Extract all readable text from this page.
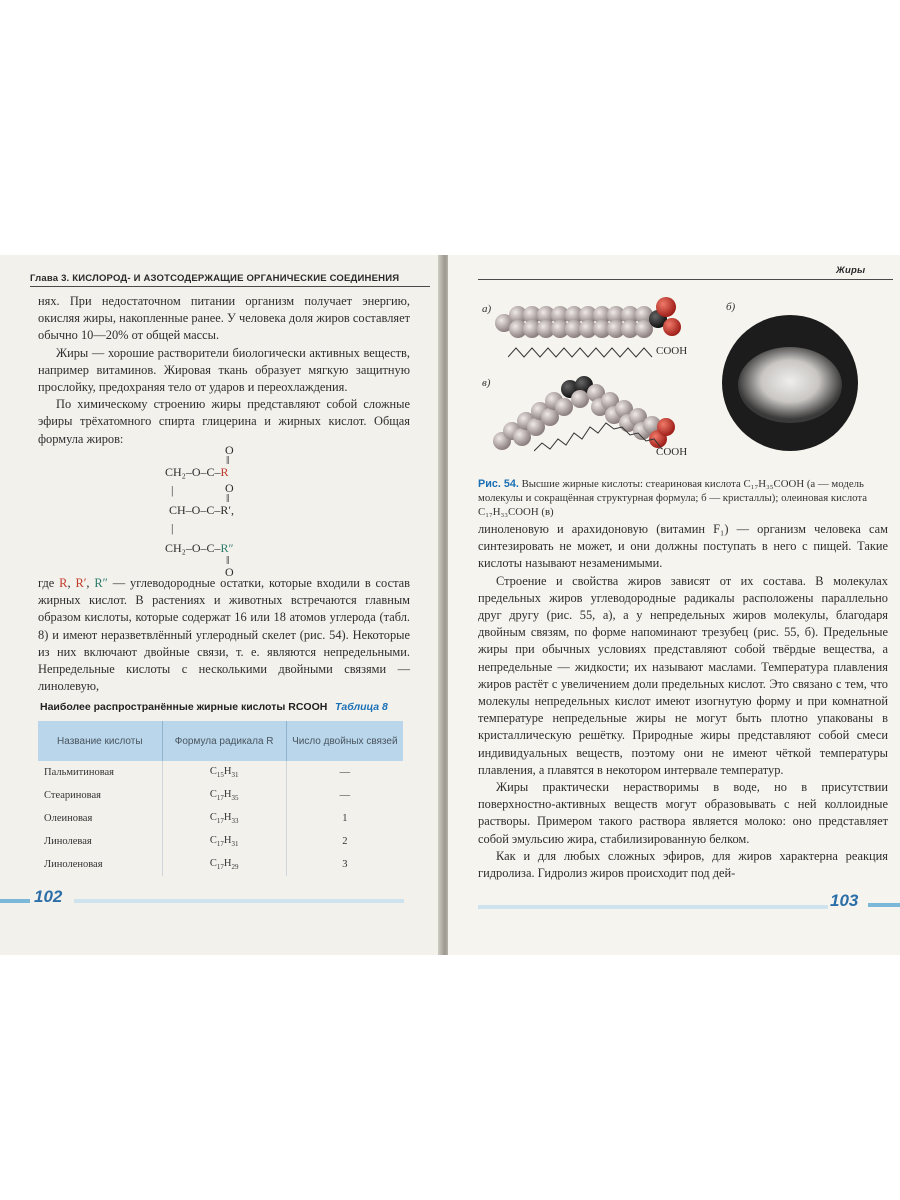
Глава 3. КИСЛОРОД- И АЗОТСОДЕРЖАЩИЕ ОРГАНИЧЕСКИЕ СОЕДИНЕНИЯ

нях. При недостаточном питании организм получает энергию, окисляя жиры, накопленные ранее. У человека доля жиров составляет обычно 10—20% от общей массы.

Жиры — хорошие растворители биологически активных веществ, например витаминов. Жировая ткань образует мягкую защитную прослойку, предохраняя тело от ударов и переохлаждения.

По химическому строению жиры представляют собой сложные эфиры трёхатомного спирта глицерина и жирных кислот. Общая формула жиров:

O
‖
CH₂–O–C–R
|	O
‖
CH–O–C–R′,
|
CH₂–O–C–R″
‖
O

где R, R′, R″ — углеводородные остатки, которые входили в состав жирных кислот. В растениях и животных встречаются главным образом кислоты, которые содержат 16 или 18 атомов углерода (табл. 8) и имеют неразветвлённый углеродный скелет (рис. 54). Некоторые из них включают двойные связи, т. е. являются непредельными. Непредельные кислоты с несколькими двойными связями — линолевую,

Наиболее распространённые жирные кислоты RCOOH Таблица 8
Название кислоты	Формула радикала R	Число двойных связей
Пальмитиновая	$C_{15}H_{31}$	—
Стеариновая	$C_{17}H_{35}$	—
Олеиновая	$C_{17}H_{33}$	1
Линолевая	$C_{17}H_{31}$	2
Линоленовая	$C_{17}H_{29}$	3
102
Жиры
а)
COOH
б)
в)
COOH
Рис. 54. Высшие жирные кислоты: стеариновая кислота C₁₇H₃₅COOH (а — модель молекулы и сокращённая структурная формула; б — кристаллы); олеиновая кислота C₁₇H₃₃COOH (в)

линоленовую и арахидоновую (витамин F₁) — организм человека сам синтезировать не может, и они должны поступать в него с пищей. Такие кислоты называют незаменимыми.

Строение и свойства жиров зависят от их состава. В молекулах предельных жиров углеводородные радикалы расположены параллельно друг другу (рис. 55, а), а у непредельных жиров молекулы, благодаря двойным связям, по форме напоминают трезубец (рис. 55, б). Предельные жиры при обычных условиях представляют собой твёрдые вещества, а непредельные — жидкости; их называют маслами. Температура плавления жиров растёт с увеличением доли предельных кислот. Это связано с тем, что молекулы непредельных кислот имеют изогнутую форму и при комнатной температуре непредельные жиры не могут быть плотно упакованы в кристаллическую решётку. Природные жиры представляют собой смеси индивидуальных веществ, поэтому они не имеют чёткой температуры плавления, а плавятся в некотором интервале температур.

Жиры практически нерастворимы в воде, но в присутствии поверхностно-активных веществ могут образовывать с ней коллоидные растворы. Примером такого раствора является молоко: оно представляет собой эмульсию жира, стабилизированную белком.

Как и для любых сложных эфиров, для жиров характерна реакция гидролиза. Гидролиз жиров происходит под дей-

103
